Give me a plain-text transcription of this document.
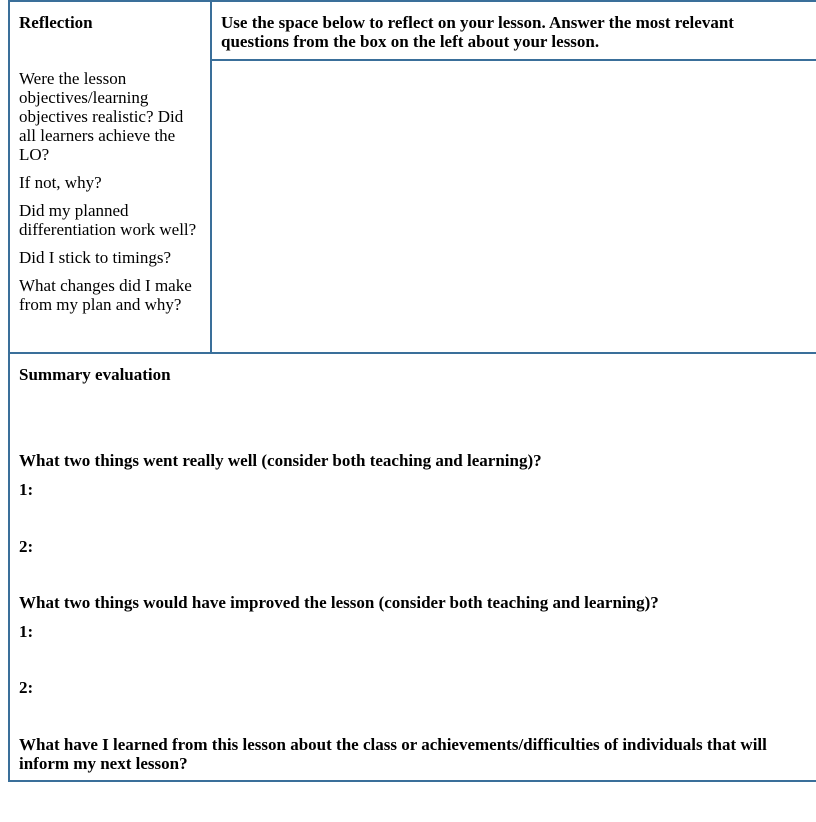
Reflection	Use the space below to reflect on your lesson. Answer the most relevant questions from the box on the left about your lesson.
Were the lesson objectives/learning objectives realistic? Did all learners achieve the LO?
If not, why?
Did my planned differentiation work well?
Did I stick to timings?
What changes did I make from my plan and why?
Summary evaluation
What two things went really well (consider both teaching and learning)?
1:
2:
What two things would have improved the lesson (consider both teaching and learning)?
1:
2:
What have I learned from this lesson about the class or achievements/difficulties of individuals that will inform my next lesson?
